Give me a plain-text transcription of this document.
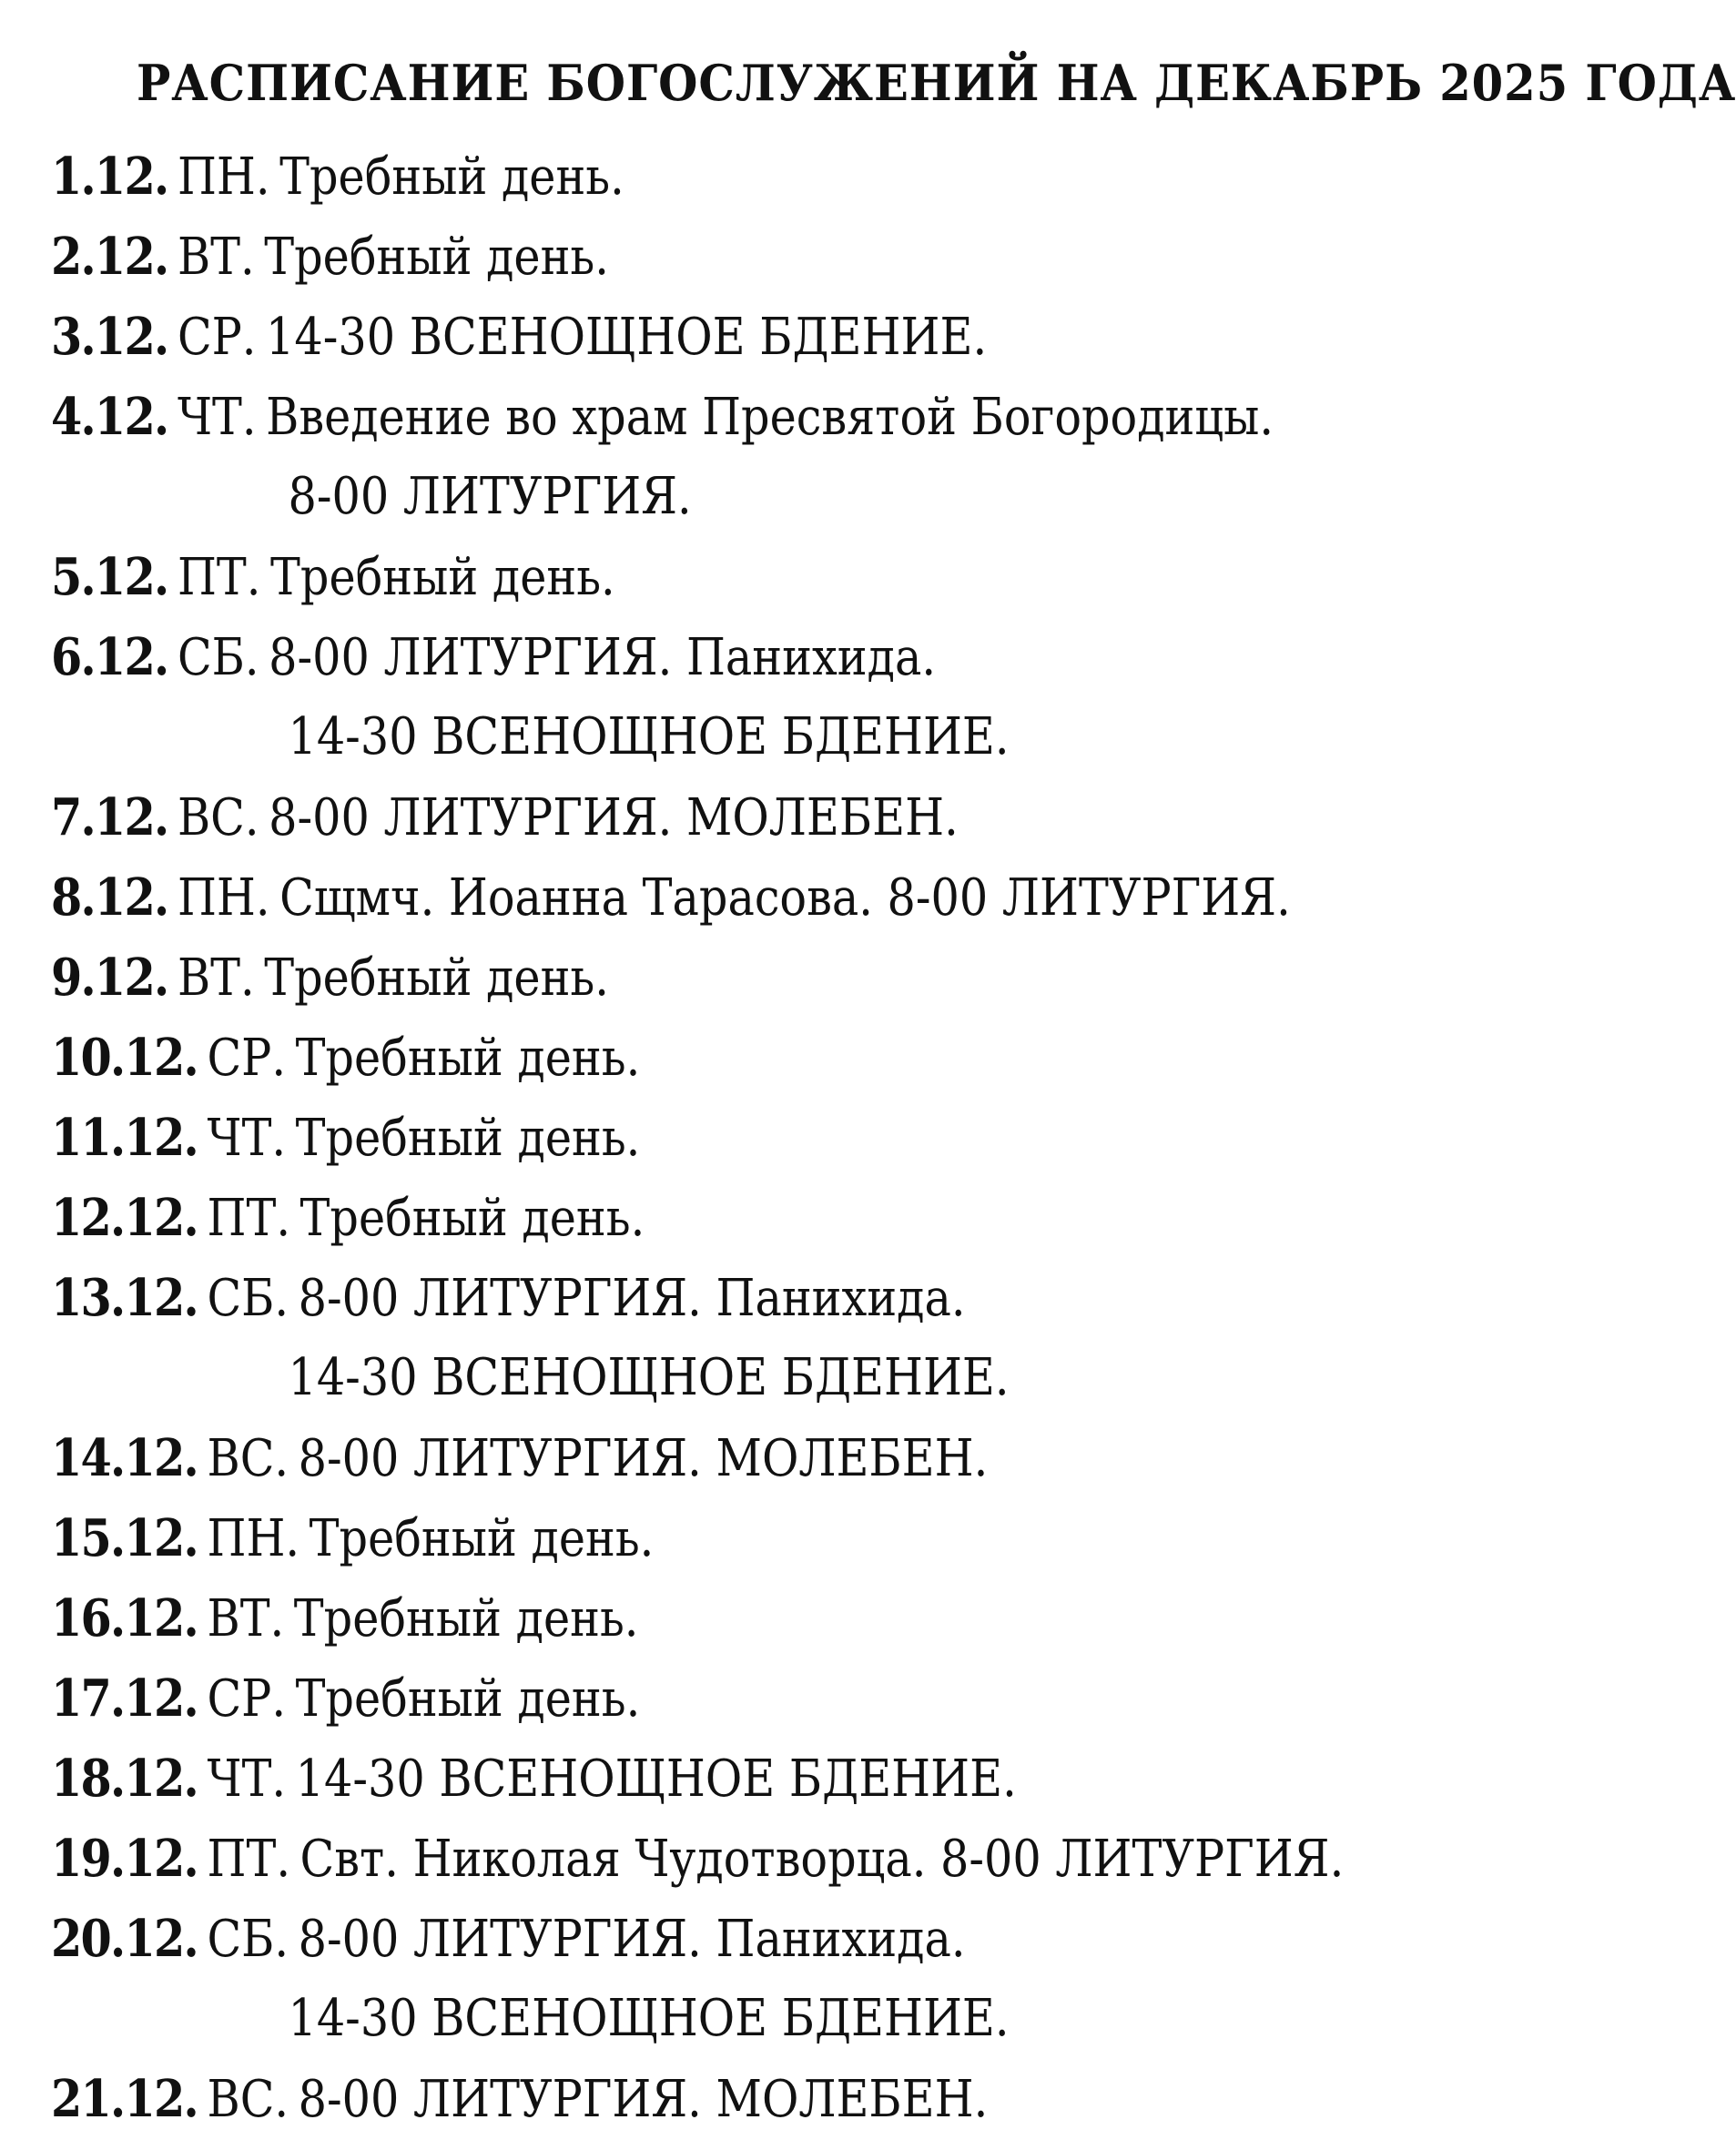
РАСПИСАНИЕ БОГОСЛУЖЕНИЙ НА ДЕКАБРЬ 2025 ГОДА
1.12. ПН. Требный день.
2.12. ВТ. Требный день.
3.12. СР. 14-30 ВСЕНОЩНОЕ БДЕНИЕ.
4.12. ЧТ. Введение во храм Пресвятой Богородицы.
8-00 ЛИТУРГИЯ.
5.12. ПТ. Требный день.
6.12. СБ. 8-00 ЛИТУРГИЯ. Панихида.
14-30 ВСЕНОЩНОЕ БДЕНИЕ.
7.12. ВС. 8-00 ЛИТУРГИЯ. МОЛЕБЕН.
8.12. ПН. Сщмч. Иоанна Тарасова. 8-00 ЛИТУРГИЯ.
9.12. ВТ. Требный день.
10.12. СР. Требный день.
11.12. ЧТ. Требный день.
12.12. ПТ. Требный день.
13.12. СБ. 8-00 ЛИТУРГИЯ. Панихида.
14-30 ВСЕНОЩНОЕ БДЕНИЕ.
14.12. ВС. 8-00 ЛИТУРГИЯ. МОЛЕБЕН.
15.12. ПН. Требный день.
16.12. ВТ. Требный день.
17.12. СР. Требный день.
18.12. ЧТ. 14-30 ВСЕНОЩНОЕ БДЕНИЕ.
19.12. ПТ. Свт. Николая Чудотворца. 8-00 ЛИТУРГИЯ.
20.12. СБ. 8-00 ЛИТУРГИЯ. Панихида.
14-30 ВСЕНОЩНОЕ БДЕНИЕ.
21.12. ВС. 8-00 ЛИТУРГИЯ. МОЛЕБЕН.
